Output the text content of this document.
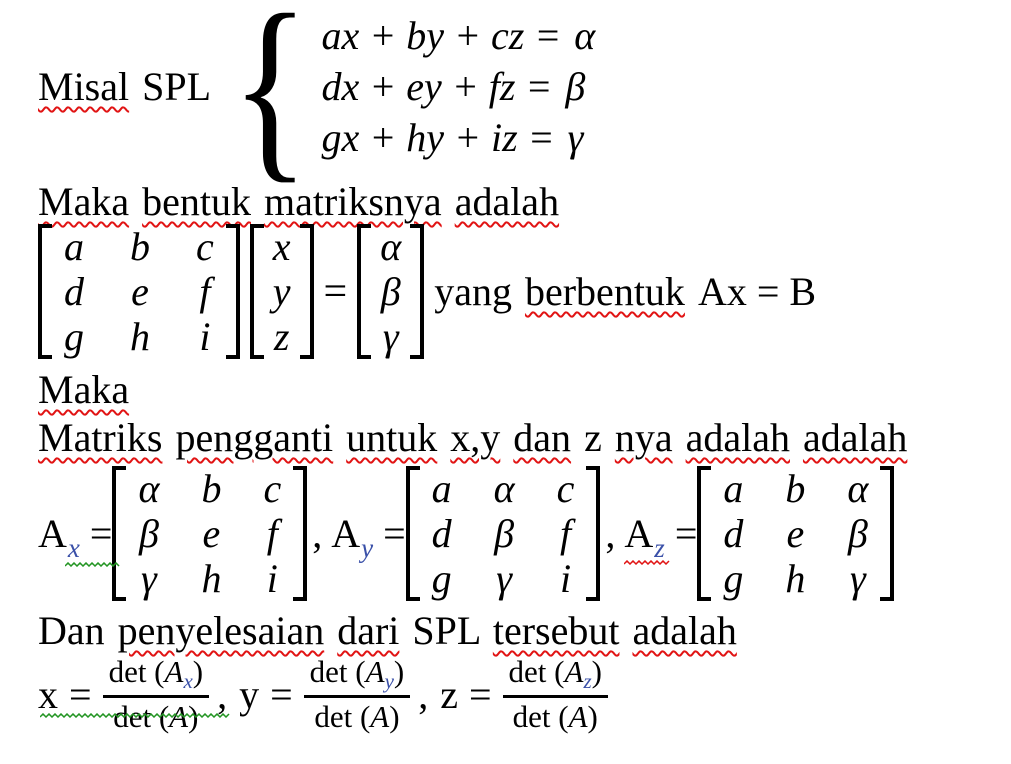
Misal SPL { ax + by + cz = α
dx + ey + fz = β
gx + hy + iz = γ
Maka bentuk matriksnya adalah
a b c
d e f
g h i
x
y
z
=
α
β
γ
yang berbentuk Ax = B
Maka
Matriks pengganti untuk x,y dan z nya adalah adalah
$A_x$ =
α b c
β e f
γ h i
, $A_y$ =
a α c
d β f
g γ i
, $A_z$ =
a b α
d e β
g h γ
Dan penyelesaian dari SPL tersebut adalah
$x = \frac{\det (Ax)}{\det (A)}$ , $y = \frac{\det (Ay)}{\det (A)}$ , $z = \frac{\det (Az)}{\det (A)}$
